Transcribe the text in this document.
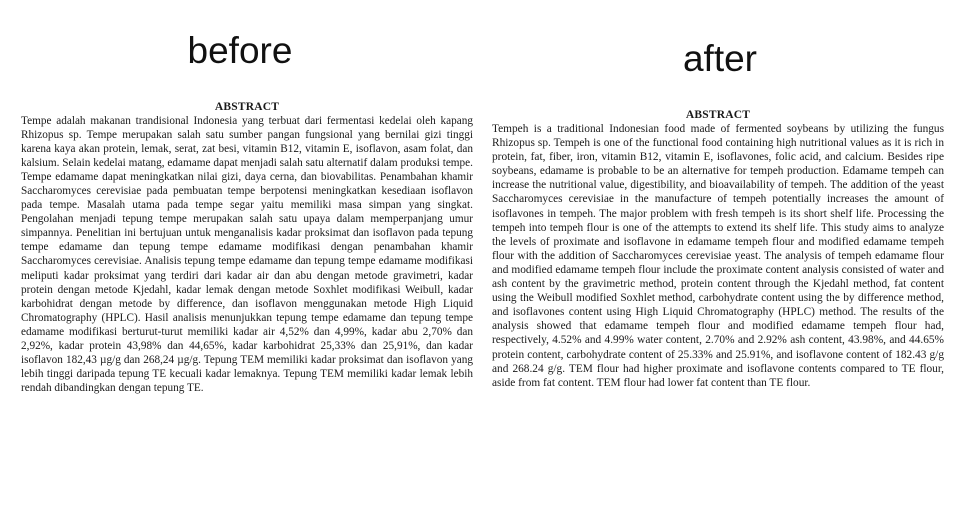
before
ABSTRACT

Tempe adalah makanan trandisional Indonesia yang terbuat dari fermentasi kedelai oleh kapang Rhizopus sp. Tempe merupakan salah satu sumber pangan fungsional yang bernilai gizi tinggi karena kaya akan protein, lemak, serat, zat besi, vitamin B12, vitamin E, isoflavon, asam folat, dan kalsium. Selain kedelai matang, edamame dapat menjadi salah satu alternatif dalam produksi tempe. Tempe edamame dapat meningkatkan nilai gizi, daya cerna, dan biovabilitas. Penambahan khamir Saccharomyces cerevisiae pada pembuatan tempe berpotensi meningkatkan kesediaan isoflavon pada tempe. Masalah utama pada tempe segar yaitu memiliki masa simpan yang singkat. Pengolahan menjadi tepung tempe merupakan salah satu upaya dalam memperpanjang umur simpannya. Penelitian ini bertujuan untuk menganalisis kadar proksimat dan isoflavon pada tepung tempe edamame dan tepung tempe edamame modifikasi dengan penambahan khamir Saccharomyces cerevisiae. Analisis tepung tempe edamame dan tepung tempe edamame modifikasi meliputi kadar proksimat yang terdiri dari kadar air dan abu dengan metode gravimetri, kadar protein dengan metode Kjedahl, kadar lemak dengan metode Soxhlet modifikasi Weibull, kadar karbohidrat dengan metode by difference, dan isoflavon menggunakan metode High Liquid Chromatography (HPLC). Hasil analisis menunjukkan tepung tempe edamame dan tepung tempe edamame modifikasi berturut-turut memiliki kadar air 4,52% dan 4,99%, kadar abu 2,70% dan 2,92%, kadar protein 43,98% dan 44,65%, kadar karbohidrat 25,33% dan 25,91%, dan kadar isoflavon 182,43 µg/g dan 268,24 µg/g. Tepung TEM memiliki kadar proksimat dan isoflavon yang lebih tinggi daripada tepung TE kecuali kadar lemaknya. Tepung TEM memiliki kadar lemak lebih rendah dibandingkan dengan tepung TE.

after
ABSTRACT

Tempeh is a traditional Indonesian food made of fermented soybeans by utilizing the fungus Rhizopus sp. Tempeh is one of the functional food containing high nutritional values as it is rich in protein, fat, fiber, iron, vitamin B12, vitamin E, isoflavones, folic acid, and calcium. Besides ripe soybeans, edamame is probable to be an alternative for tempeh production. Edamame tempeh can increase the nutritional value, digestibility, and bioavailability of tempeh. The addition of the yeast Saccharomyces cerevisiae in the manufacture of tempeh potentially increases the amount of isoflavones in tempeh. The major problem with fresh tempeh is its short shelf life. Processing the tempeh into tempeh flour is one of the attempts to extend its shelf life. This study aims to analyze the levels of proximate and isoflavone in edamame tempeh flour and modified edamame tempeh flour with the addition of Saccharomyces cerevisiae yeast. The analysis of tempeh edamame flour and modified edamame tempeh flour include the proximate content analysis consisted of water and ash content by the gravimetric method, protein content through the Kjedahl method, fat content using the Weibull modified Soxhlet method, carbohydrate content using the by difference method, and isoflavones content using High Liquid Chromatography (HPLC) method. The results of the analysis showed that edamame tempeh flour and modified edamame tempeh flour had, respectively, 4.52% and 4.99% water content, 2.70% and 2.92% ash content, 43.98%, and 44.65% protein content, carbohydrate content of 25.33% and 25.91%, and isoflavone content of 182.43 g/g and 268.24 g/g. TEM flour had higher proximate and isoflavone contents compared to TE flour, aside from fat content. TEM flour had lower fat content than TE flour.
